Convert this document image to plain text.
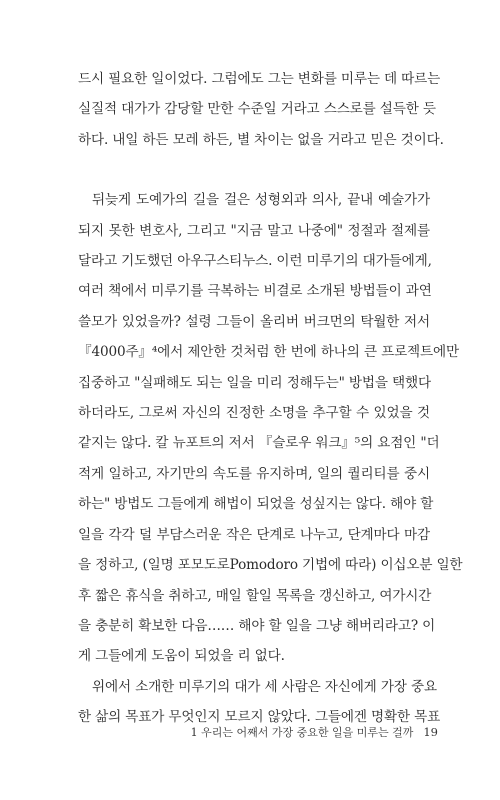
드시 필요한 일이었다. 그럼에도 그는 변화를 미루는 데 따르는
실질적 대가가 감당할 만한 수준일 거라고 스스로를 설득한 듯
하다. 내일 하든 모레 하든, 별 차이는 없을 거라고 믿은 것이다.

뒤늦게 도예가의 길을 걸은 성형외과 의사, 끝내 예술가가
되지 못한 변호사, 그리고 "지금 말고 나중에" 정절과 절제를
달라고 기도했던 아우구스티누스. 이런 미루기의 대가들에게,
여러 책에서 미루기를 극복하는 비결로 소개된 방법들이 과연
쓸모가 있었을까? 설령 그들이 올리버 버크먼의 탁월한 저서
『4000주』⁴에서 제안한 것처럼 한 번에 하나의 큰 프로젝트에만
집중하고 "실패해도 되는 일을 미리 정해두는" 방법을 택했다
하더라도, 그로써 자신의 진정한 소명을 추구할 수 있었을 것
같지는 않다. 칼 뉴포트의 저서 『슬로우 워크』⁵의 요점인 "더
적게 일하고, 자기만의 속도를 유지하며, 일의 퀄리티를 중시
하는" 방법도 그들에게 해법이 되었을 성싶지는 않다. 해야 할
일을 각각 덜 부담스러운 작은 단계로 나누고, 단계마다 마감
을 정하고, (일명 포모도로Pomodoro 기법에 따라) 이십오분 일한
후 짧은 휴식을 취하고, 매일 할일 목록을 갱신하고, 여가시간
을 충분히 확보한 다음…… 해야 할 일을 그냥 해버리라고? 이
게 그들에게 도움이 되었을 리 없다.

위에서 소개한 미루기의 대가 세 사람은 자신에게 가장 중요
한 삶의 목표가 무엇인지 모르지 않았다. 그들에겐 명확한 목표

1 우리는 어째서 가장 중요한 일을 미루는 걸까 19
